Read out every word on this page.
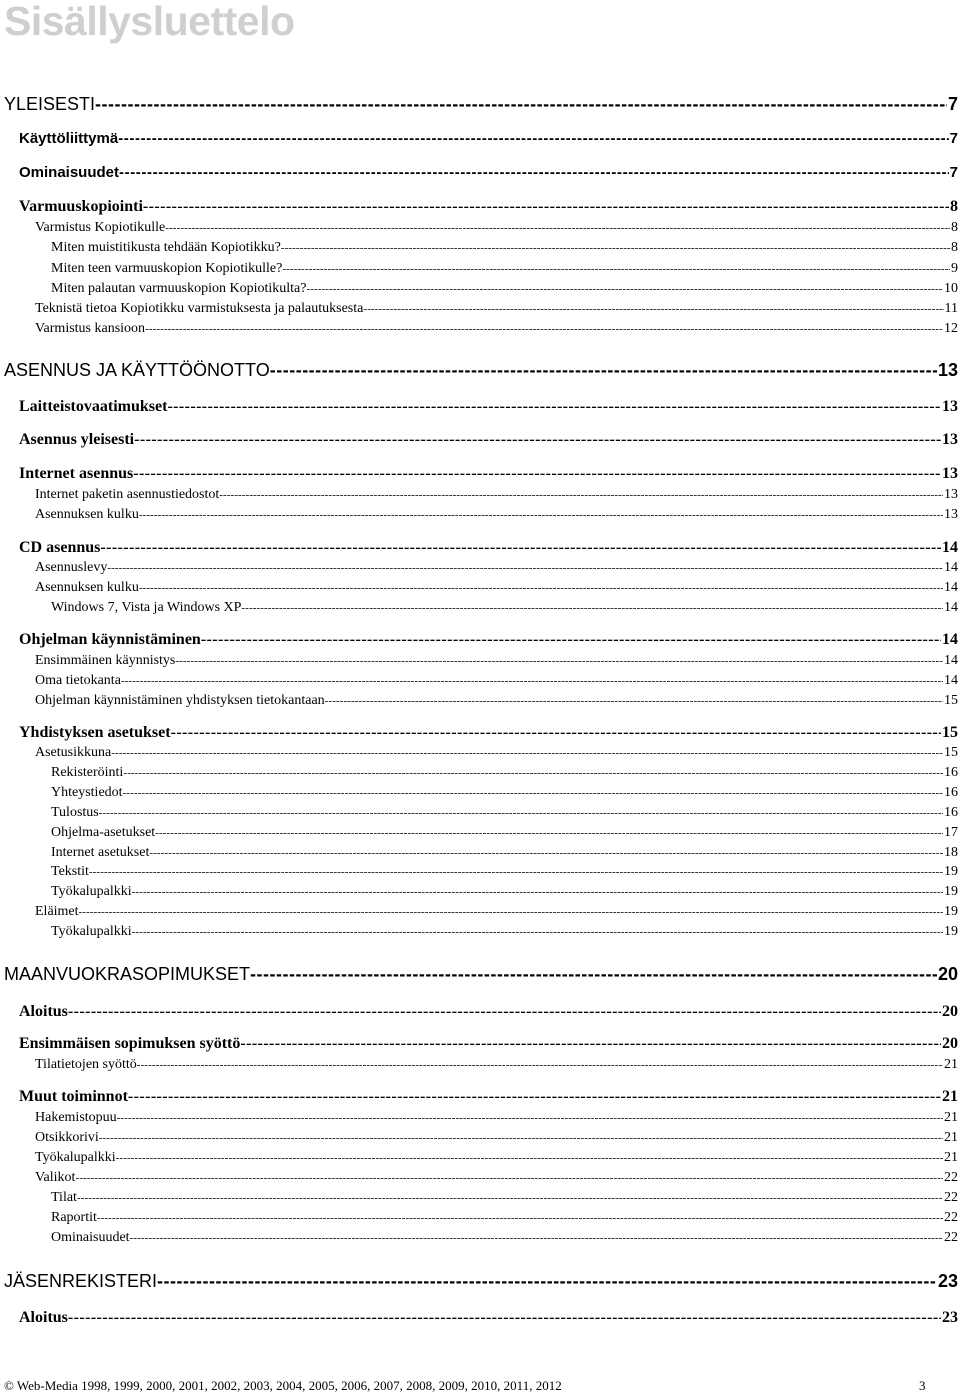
Sisällysluettelo
YLEISESTI -----	7
Käyttöliittymä -----	7
Ominaisuudet -----	7
Varmuuskopiointi -----	8
Varmistus Kopiotikulle -----	8
Miten muistitikusta tehdään Kopiotikku? -----	8
Miten teen varmuuskopion Kopiotikulle? -----	9
Miten palautan varmuuskopion Kopiotikulta? -----	10
Teknistä tietoa Kopiotikku varmistuksesta ja palautuksesta -----	11
Varmistus kansioon -----	12
ASENNUS JA KÄYTTÖÖNOTTO -----	13
Laitteistovaatimukset -----	13
Asennus yleisesti -----	13
Internet asennus -----	13
Internet paketin asennustiedostot -----	13
Asennuksen kulku -----	13
CD asennus -----	14
Asennuslevy -----	14
Asennuksen kulku -----	14
Windows 7, Vista ja Windows XP -----	14
Ohjelman käynnistäminen -----	14
Ensimmäinen käynnistys -----	14
Oma tietokanta -----	14
Ohjelman käynnistäminen yhdistyksen tietokantaan -----	15
Yhdistyksen asetukset -----	15
Asetusikkuna -----	15
Rekisteröinti -----	16
Yhteystiedot -----	16
Tulostus -----	16
Ohjelma-asetukset -----	17
Internet asetukset -----	18
Tekstit -----	19
Työkalupalkki -----	19
Eläimet -----	19
Työkalupalkki -----	19
MAANVUOKRASOPIMUKSET -----	20
Aloitus -----	20
Ensimmäisen sopimuksen syöttö -----	20
Tilatietojen syöttö -----	21
Muut toiminnot -----	21
Hakemistopuu -----	21
Otsikkorivi -----	21
Työkalupalkki -----	21
Valikot -----	22
Tilat -----	22
Raportit -----	22
Ominaisuudet -----	22
JÄSENREKISTERI -----	23
Aloitus -----	23
© Web-Media 1998, 1999, 2000, 2001, 2002, 2003, 2004, 2005, 2006, 2007, 2008, 2009, 2010, 2011, 2012	3
